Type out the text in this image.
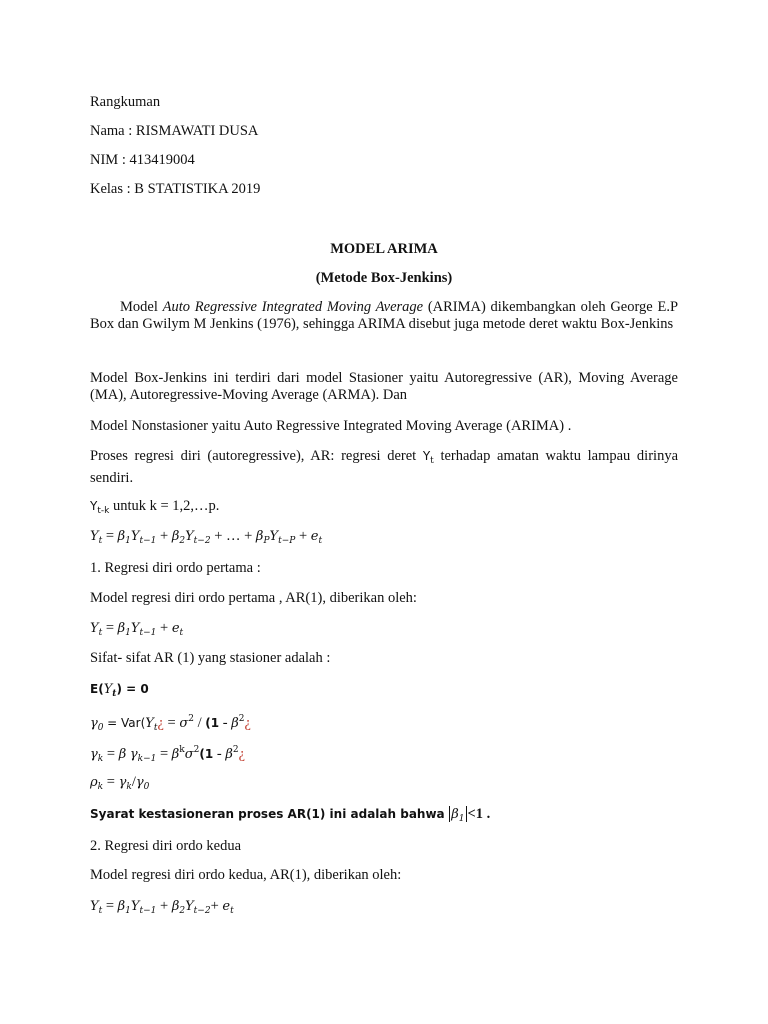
Rangkuman
Nama : RISMAWATI DUSA
NIM : 413419004
Kelas : B STATISTIKA 2019
MODEL ARIMA
(Metode Box-Jenkins)
Model Auto Regressive Integrated Moving Average (ARIMA) dikembangkan oleh George E.P Box dan Gwilym M Jenkins (1976), sehingga ARIMA disebut juga metode deret waktu Box-Jenkins
Model Box-Jenkins ini terdiri dari model Stasioner yaitu Autoregressive (AR), Moving Average (MA), Autoregressive-Moving Average (ARMA). Dan
Model Nonstasioner yaitu Auto Regressive Integrated Moving Average (ARIMA) .
Proses regresi diri (autoregressive), AR: regresi deret $Y_t$ terhadap amatan waktu lampau dirinya sendiri.
$Y_{t-k}$ untuk k = 1,2,…p.
$Y_t = \beta_1Y_{t-1} + \beta_2Y_{t-2}$ + … + $\beta_PY_{t-P} + e_t$
1. Regresi diri ordo pertama :
Model regresi diri ordo pertama , AR(1), diberikan oleh:
$Y_t = \beta_1Y_{t-1} + e_t$
Sifat- sifat AR (1) yang stasioner adalah :
$E(Y_t) = 0$
$\gamma_0$ = $Var(Y_t¿ = \sigma^2 / (1$ - $\beta^2¿$
$\gamma_k = \beta$ $\gamma_{k-1} = \beta^k\sigma^2(1$ - $\beta^2¿$
$\rho_k = \gamma_k/\gamma_0$
Syarat kestasioneran proses AR(1) ini adalah bahwa $\beta_1 <1$ .
2. Regresi diri ordo kedua
Model regresi diri ordo kedua, AR(1), diberikan oleh:
$Y_t = \beta_1Y_{t-1} + \beta_2Y_{t-2}+ e_t$
